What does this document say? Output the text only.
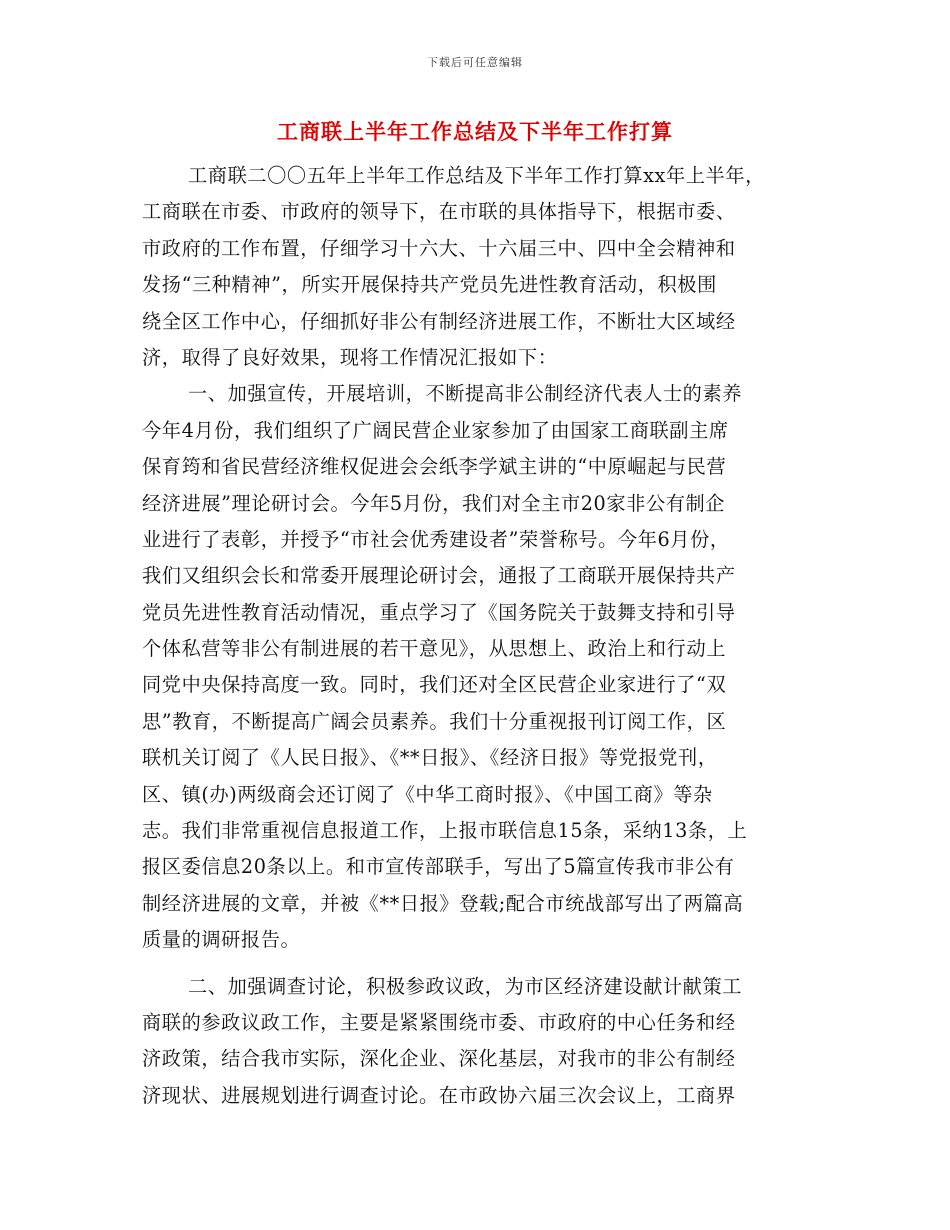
下载后可任意编辑
工商联上半年工作总结及下半年工作打算
工商联二〇〇五年上半年工作总结及下半年工作打算xx年上半年，
工商联在市委、市政府的领导下，在市联的具体指导下，根据市委、
市政府的工作布置，仔细学习十六大、十六届三中、四中全会精神和
发扬“三种精神”，所实开展保持共产党员先进性教育活动，积极围
绕全区工作中心，仔细抓好非公有制经济进展工作，不断壮大区域经
济，取得了良好效果，现将工作情况汇报如下：
一、加强宣传，开展培训，不断提高非公制经济代表人士的素养
今年4月份，我们组织了广阔民营企业家参加了由国家工商联副主席
保育筠和省民营经济维权促进会会纸李学斌主讲的“中原崛起与民营
经济进展”理论研讨会。今年5月份，我们对全主市20家非公有制企
业进行了表彰，并授予“市社会优秀建设者”荣誉称号。今年6月份，
我们又组织会长和常委开展理论研讨会，通报了工商联开展保持共产
党员先进性教育活动情况，重点学习了《国务院关于鼓舞支持和引导
个体私营等非公有制进展的若干意见》，从思想上、政治上和行动上
同党中央保持高度一致。同时，我们还对全区民营企业家进行了“双
思”教育，不断提高广阔会员素养。我们十分重视报刊订阅工作，区
联机关订阅了《人民日报》、《**日报》、《经济日报》等党报党刊，
区、镇(办)两级商会还订阅了《中华工商时报》、《中国工商》等杂
志。我们非常重视信息报道工作，上报市联信息15条，采纳13条，上
报区委信息20条以上。和市宣传部联手，写出了5篇宣传我市非公有
制经济进展的文章，并被《**日报》登载;配合市统战部写出了两篇高
质量的调研报告。
二、加强调查讨论，积极参政议政，为市区经济建设献计献策工
商联的参政议政工作，主要是紧紧围绕市委、市政府的中心任务和经
济政策，结合我市实际，深化企业、深化基层，对我市的非公有制经
济现状、进展规划进行调查讨论。在市政协六届三次会议上，工商界
